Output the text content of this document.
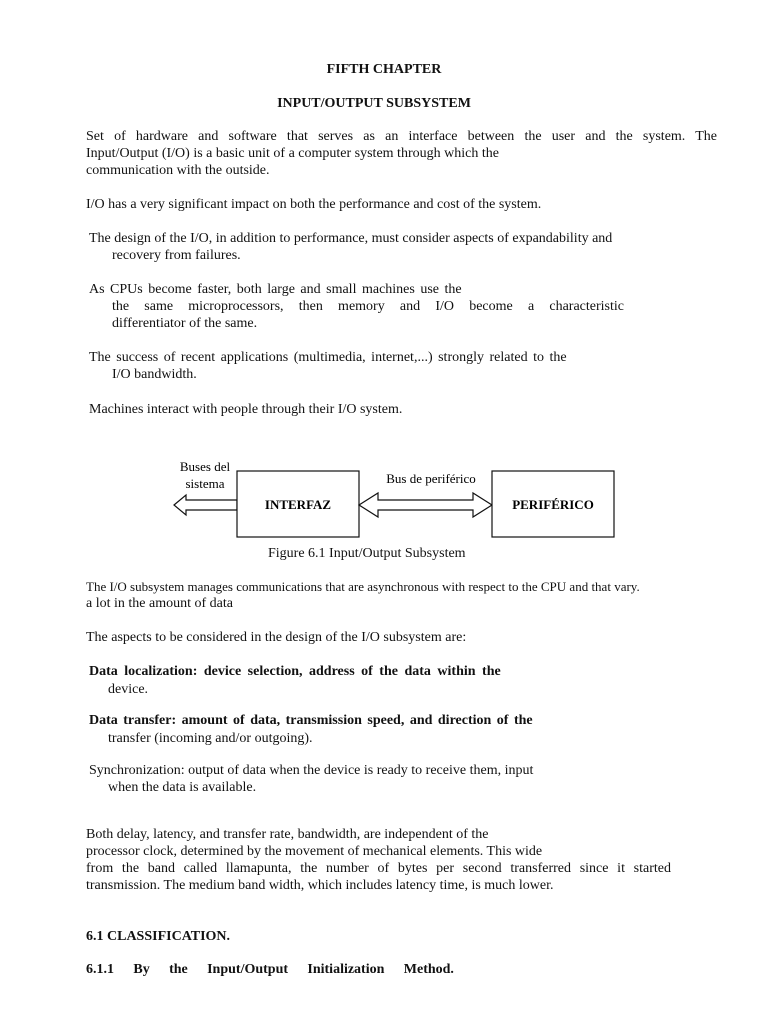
FIFTH CHAPTER
INPUT/OUTPUT SUBSYSTEM
Set of hardware and software that serves as an interface between the user and the system. The
Input/Output (I/O) is a basic unit of a computer system through which the
communication with the outside.
I/O has a very significant impact on both the performance and cost of the system.
The design of the I/O, in addition to performance, must consider aspects of expandability and
recovery from failures.
As CPUs become faster, both large and small machines use the
the same microprocessors, then memory and I/O become a characteristic
differentiator of the same.
The success of recent applications (multimedia, internet,...) strongly related to the
I/O bandwidth.
Machines interact with people through their I/O system.
Buses del
sistema
INTERFAZ
Bus de periférico
PERIFÉRICO
Figure 6.1 Input/Output Subsystem
The I/O subsystem manages communications that are asynchronous with respect to the CPU and that vary.
a lot in the amount of data
The aspects to be considered in the design of the I/O subsystem are:
Data localization: device selection, address of the data within the
device.
Data transfer: amount of data, transmission speed, and direction of the
transfer (incoming and/or outgoing).
Synchronization: output of data when the device is ready to receive them, input
when the data is available.
Both delay, latency, and transfer rate, bandwidth, are independent of the
processor clock, determined by the movement of mechanical elements. This wide
from the band called llamapunta, the number of bytes per second transferred since it started
transmission. The medium band width, which includes latency time, is much lower.
6.1 CLASSIFICATION.
6.1.1 By the Input/Output Initialization Method.
